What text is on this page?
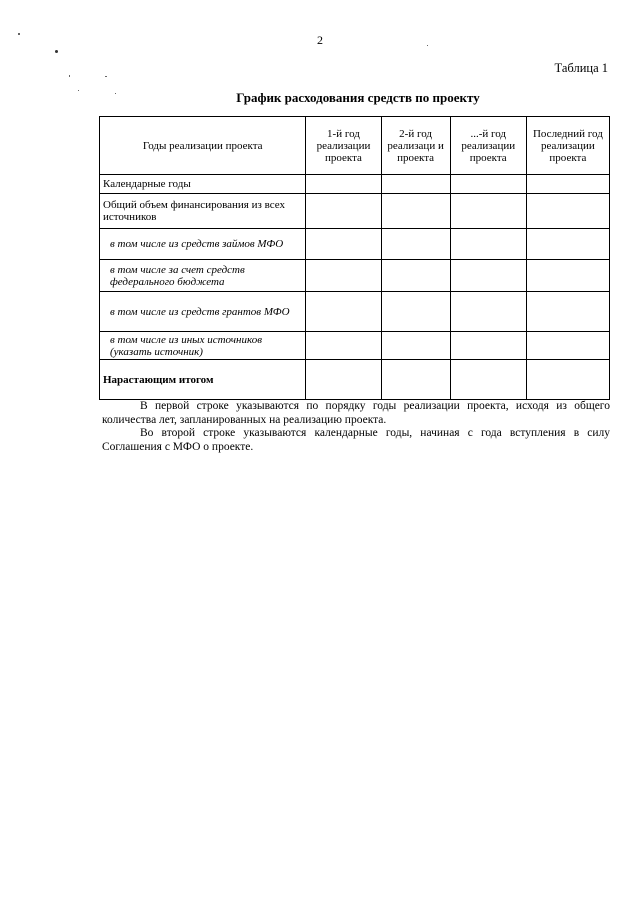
2
Таблица 1
График расходования средств по проекту
Годы реализации проекта	1-й год реализации проекта	2-й год реализаци и проекта	...-й год реализации проекта	Последний год реализации проекта
Календарные годы				
Общий объем финансирования из всех источников				
в том числе из средств займов МФО				
в том числе за счет средств федерального бюджета				
в том числе из средств грантов МФО				
в том числе из иных источников (указать источник)				
Нарастающим итогом				

В первой строке указываются по порядку годы реализации проекта, исходя из общего количества лет, запланированных на реализацию проекта.

Во второй строке указываются календарные годы, начиная с года вступления в силу Соглашения с МФО о проекте.
